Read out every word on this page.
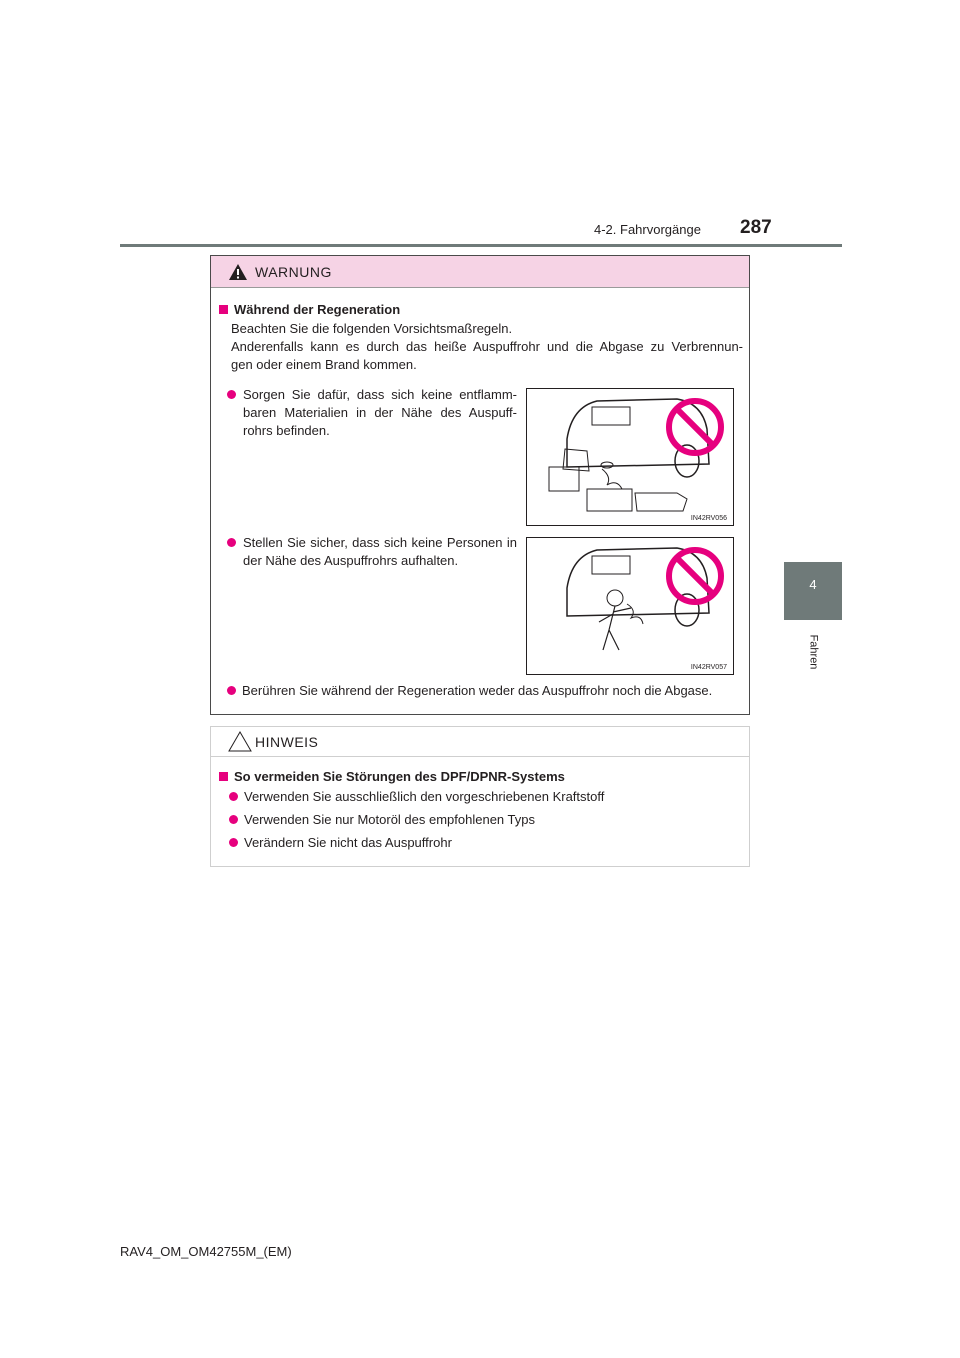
4-2. Fahrvorgänge 287
4
Fahren
WARNUNG
Während der Regeneration
Beachten Sie die folgenden Vorsichtsmaßregeln.
Anderenfalls kann es durch das heiße Auspuffrohr und die Abgase zu Verbrennun-
gen oder einem Brand kommen.
Sorgen Sie dafür, dass sich keine entflamm- baren Materialien in der Nähe des Auspuff- rohrs befinden.
IN42RV056
Stellen Sie sicher, dass sich keine Personen in der Nähe des Auspuffrohrs aufhalten.
IN42RV057
Berühren Sie während der Regeneration weder das Auspuffrohr noch die Abgase.
HINWEIS
So vermeiden Sie Störungen des DPF/DPNR-Systems
Verwenden Sie ausschließlich den vorgeschriebenen Kraftstoff
Verwenden Sie nur Motoröl des empfohlenen Typs
Verändern Sie nicht das Auspuffrohr
RAV4_OM_OM42755M_(EM)
